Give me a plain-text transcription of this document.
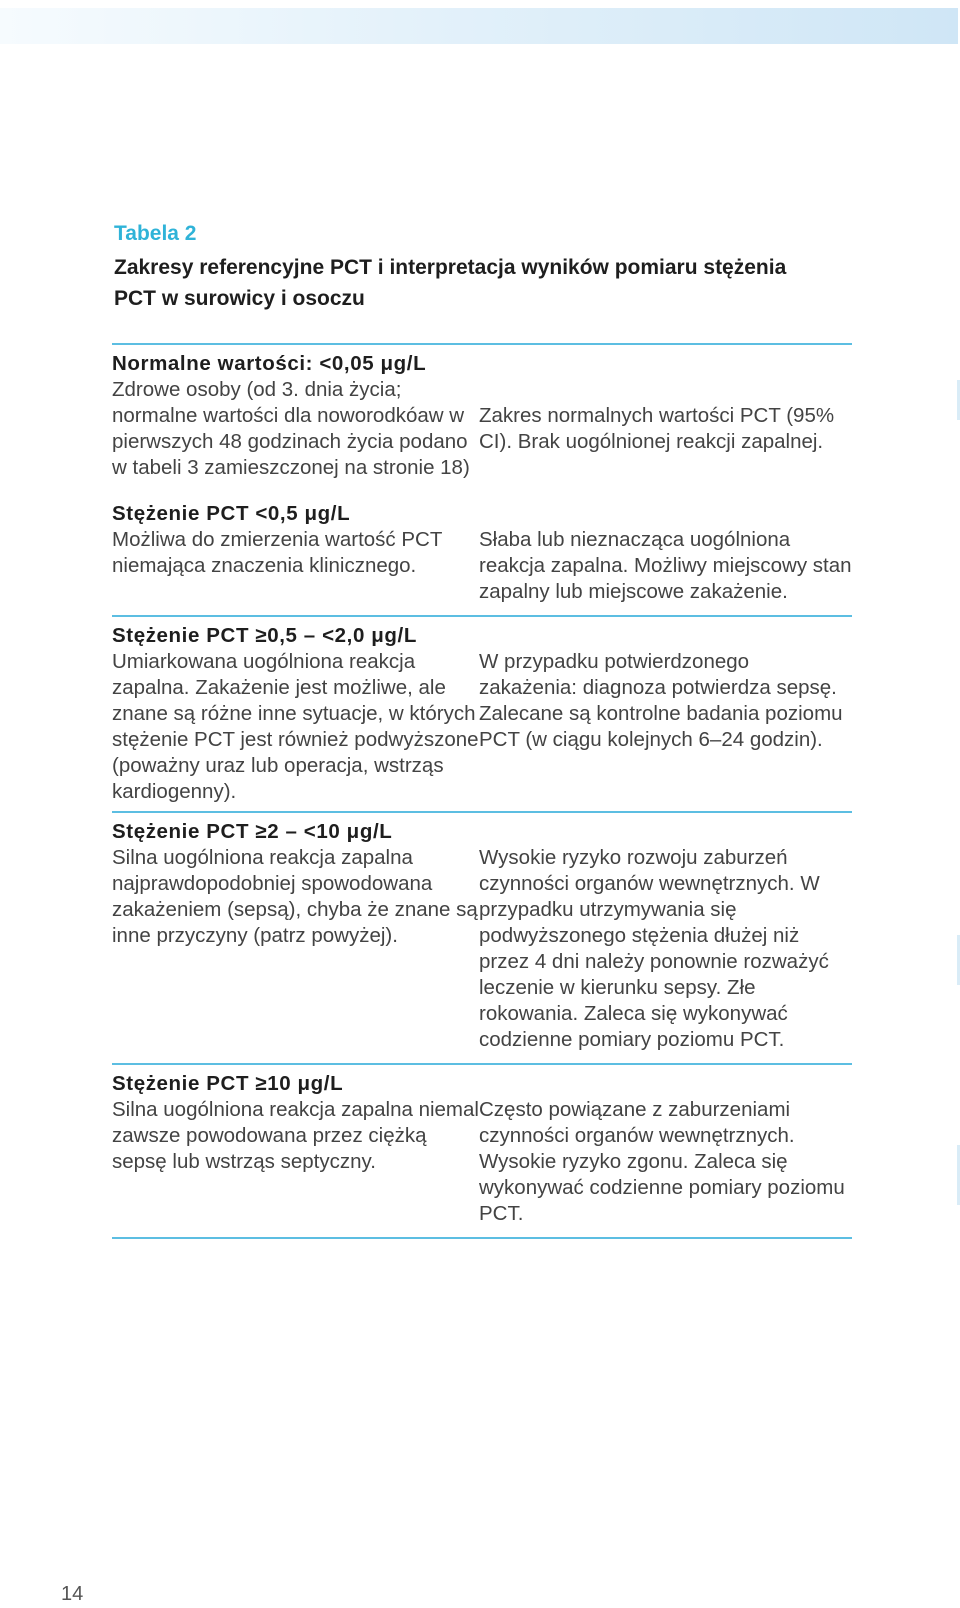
Tabela 2
Zakresy referencyjne PCT i interpretacja wyników pomiaru stężenia PCT w surowicy i osoczu

Normalne wartości: <0,05 μg/L
Zdrowe osoby (od 3. dnia życia; normalne wartości dla noworodkóaw w pierwszych 48 godzinach życia podano w tabeli 3 zamieszczonej na stronie 18)	Zakres normalnych wartości PCT (95% CI). Brak uogólnionej reakcji zapalnej.

Stężenie PCT <0,5 μg/L
Możliwa do zmierzenia wartość PCT niemająca znaczenia klinicznego.	Słaba lub nieznacząca uogólniona reakcja zapalna. Możliwy miejscowy stan zapalny lub miejscowe zakażenie.

Stężenie PCT ≥0,5 – <2,0 μg/L
Umiarkowana uogólniona reakcja zapalna. Zakażenie jest możliwe, ale znane są różne inne sytuacje, w których stężenie PCT jest również podwyższone (poważny uraz lub operacja, wstrząs kardiogenny).	W przypadku potwierdzonego zakażenia: diagnoza potwierdza sepsę. Zalecane są kontrolne badania poziomu PCT (w ciągu kolejnych 6–24 godzin).

Stężenie PCT ≥2 – <10 μg/L
Silna uogólniona reakcja zapalna najprawdopodobniej spowodowana zakażeniem (sepsą), chyba że znane są inne przyczyny (patrz powyżej).	Wysokie ryzyko rozwoju zaburzeń czynności organów wewnętrznych. W przypadku utrzymywania się podwyższonego stężenia dłużej niż przez 4 dni należy ponownie rozważyć leczenie w kierunku sepsy. Złe rokowania. Zaleca się wykonywać codzienne pomiary poziomu PCT.

Stężenie PCT ≥10 μg/L
Silna uogólniona reakcja zapalna niemal zawsze powodowana przez ciężką sepsę lub wstrząs septyczny.	Często powiązane z zaburzeniami czynności organów wewnętrznych. Wysokie ryzyko zgonu. Zaleca się wykonywać codzienne pomiary poziomu PCT.

14
